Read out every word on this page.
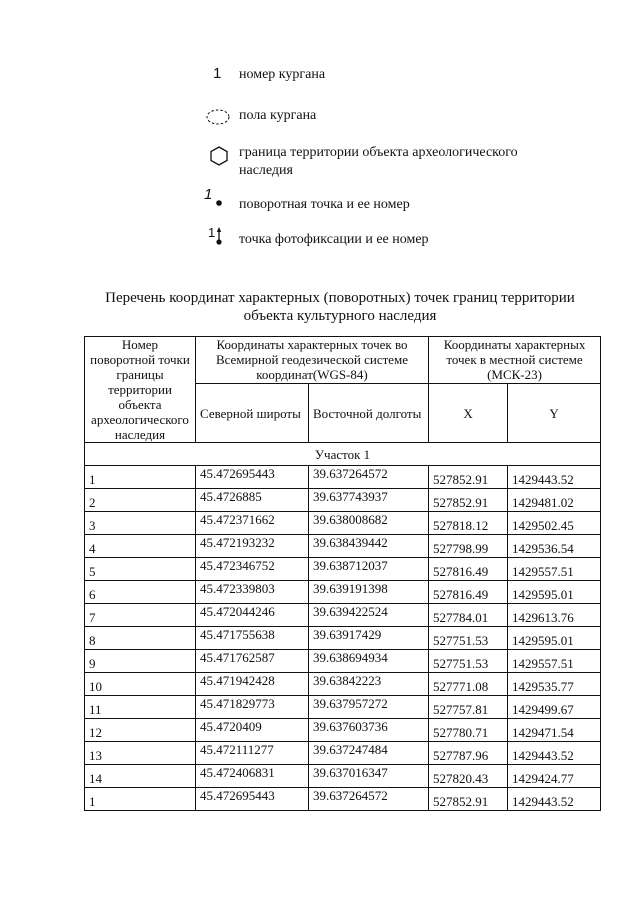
1 номер кургана
пола кургана
граница территории объекта археологического наследия
1
поворотная точка и ее номер
1 точка фотофиксации и ее номер
Перечень координат характерных (поворотных) точек границ территории объекта культурного наследия
Номер поворотной точки границы территории объекта археологического наследия	Координаты характерных точек во Всемирной геодезической системе координат(WGS-84)		Координаты характерных точек в местной системе (МСК-23)	
	Северной широты	Восточной долготы	X	Y
Участок 1				
1	45.472695443	39.637264572	527852.91	1429443.52
2	45.4726885	39.637743937	527852.91	1429481.02
3	45.472371662	39.638008682	527818.12	1429502.45
4	45.472193232	39.638439442	527798.99	1429536.54
5	45.472346752	39.638712037	527816.49	1429557.51
6	45.472339803	39.639191398	527816.49	1429595.01
7	45.472044246	39.639422524	527784.01	1429613.76
8	45.471755638	39.63917429	527751.53	1429595.01
9	45.471762587	39.638694934	527751.53	1429557.51
10	45.471942428	39.63842223	527771.08	1429535.77
11	45.471829773	39.637957272	527757.81	1429499.67
12	45.4720409	39.637603736	527780.71	1429471.54
13	45.472111277	39.637247484	527787.96	1429443.52
14	45.472406831	39.637016347	527820.43	1429424.77
1	45.472695443	39.637264572	527852.91	1429443.52
